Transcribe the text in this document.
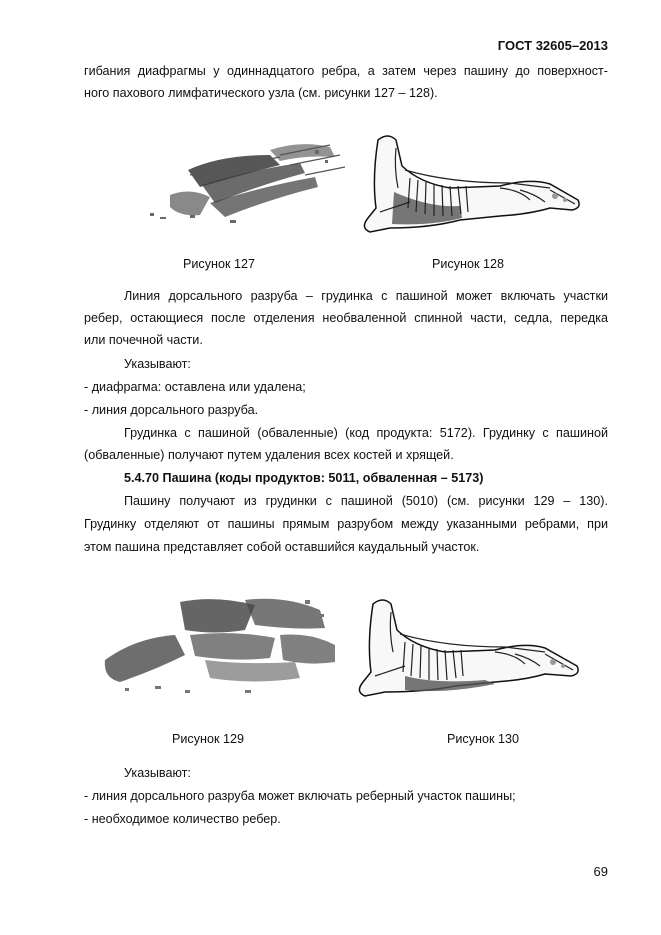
ГОСТ 32605–2013
гибания диафрагмы у одиннадцатого ребра, а затем через пашину до поверхност-
ного пахового лимфатического узла (см. рисунки 127 – 128).
Рисунок 127	Рисунок 128
Линия дорсального разруба – грудинка с пашиной может включать участки
ребер, остающиеся после отделения необваленной спинной части, седла, передка
или почечной части.
Указывают:
- диафрагма: оставлена или удалена;
- линия дорсального разруба.
Грудинка с пашиной (обваленные) (код продукта: 5172). Грудинку с пашиной
(обваленные) получают путем удаления всех костей и хрящей.
5.4.70 Пашина (коды продуктов: 5011, обваленная – 5173)
Пашину получают из грудинки с пашиной (5010) (см. рисунки 129 – 130).
Грудинку отделяют от пашины прямым разрубом между указанными ребрами, при
этом пашина представляет собой оставшийся каудальный участок.
Рисунок 129	Рисунок 130
Указывают:
- линия дорсального разруба может включать реберный участок пашины;
- необходимое количество ребер.
69
